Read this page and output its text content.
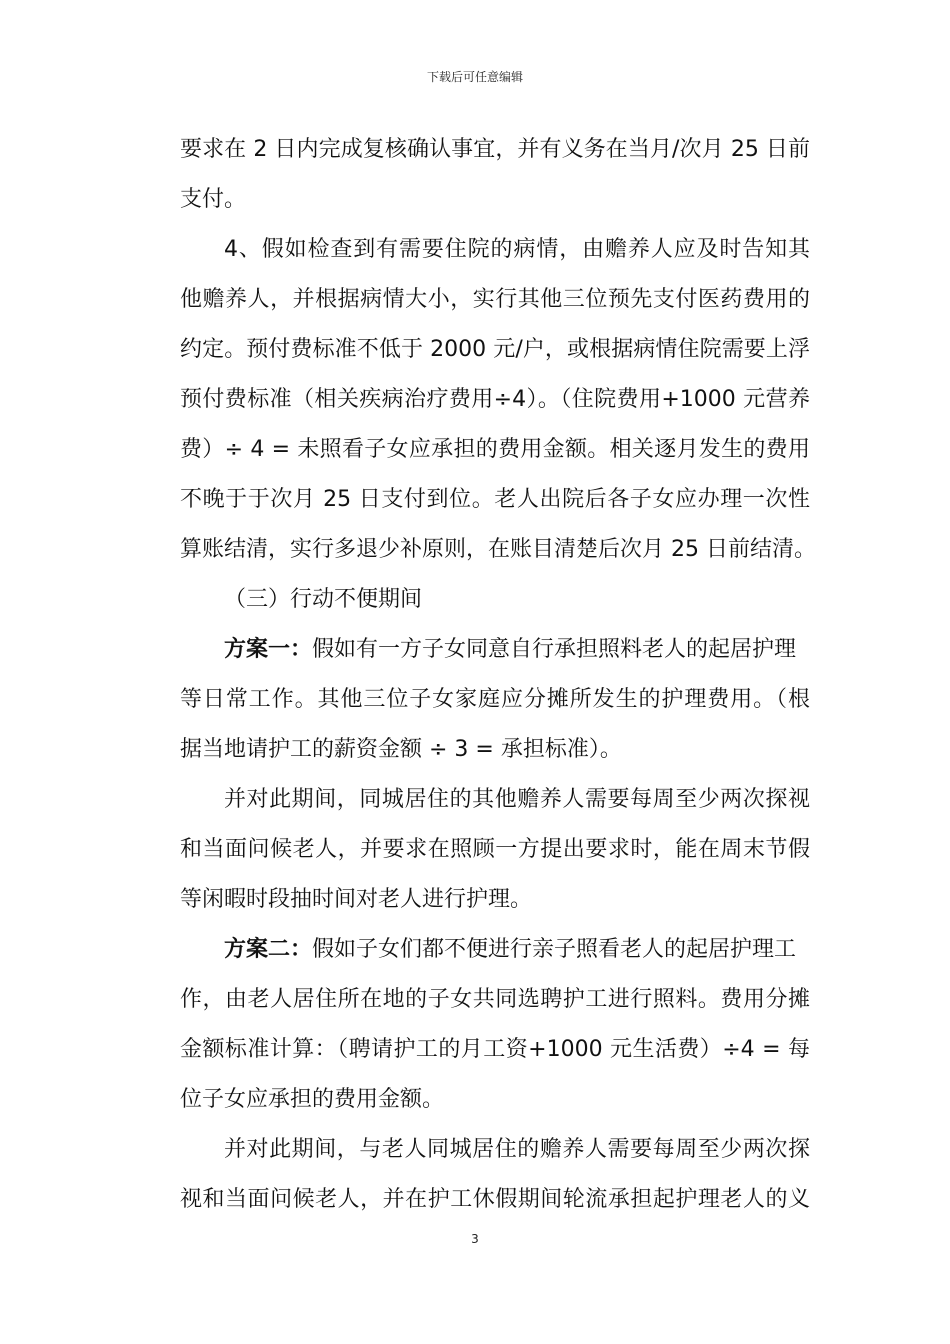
下载后可任意编辑
要求在 2 日内完成复核确认事宜，并有义务在当月/次月 25 日前
支付。
4、假如检查到有需要住院的病情，由赡养人应及时告知其
他赡养人，并根据病情大小，实行其他三位预先支付医药费用的
约定。预付费标准不低于 2000 元/户，或根据病情住院需要上浮
预付费标准（相关疾病治疗费用÷4）。（住院费用+1000 元营养
费）÷ 4 = 未照看子女应承担的费用金额。相关逐月发生的费用
不晚于于次月 25 日支付到位。老人出院后各子女应办理一次性
算账结清，实行多退少补原则，在账目清楚后次月 25 日前结清。
（三）行动不便期间
方案一：假如有一方子女同意自行承担照料老人的起居护理
等日常工作。其他三位子女家庭应分摊所发生的护理费用。（根
据当地请护工的薪资金额 ÷ 3 = 承担标准）。
并对此期间，同城居住的其他赡养人需要每周至少两次探视
和当面问候老人，并要求在照顾一方提出要求时，能在周末节假
等闲暇时段抽时间对老人进行护理。
方案二：假如子女们都不便进行亲子照看老人的起居护理工
作，由老人居住所在地的子女共同选聘护工进行照料。费用分摊
金额标准计算：（聘请护工的月工资+1000 元生活费）÷4 = 每
位子女应承担的费用金额。
并对此期间，与老人同城居住的赡养人需要每周至少两次探
视和当面问候老人，并在护工休假期间轮流承担起护理老人的义
3
